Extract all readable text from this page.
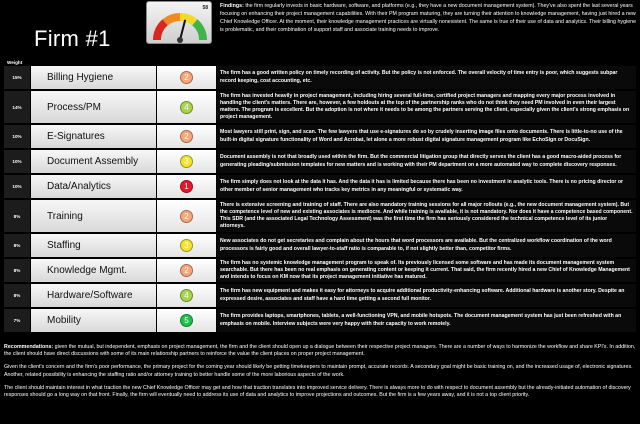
Firm #1
58 Findings: the firm regularly invests in basic hardware, software, and platforms (e.g., they have a new document management system). They've also spent the last several years focusing on enhancing their project management capabilities. With their PM program maturing, they are turning their attention to knowledge management, having just hired a new Chief Knowledge Officer. At the moment, their knowledge management practices are virtually nonexistent. The same is true of their use of data and analytics. Their billing hygiene is problematic, and their combination of support staff and associate training needs to improve.
Weight
15%	Billing Hygiene	2	The firm has a good written policy on timely recording of activity. But the policy is not enforced. The overall velocity of time entry is poor, which suggests subpar record keeping, cost accounting, etc.
14%	Process/PM	4
The firm has invested heavily in project management, including hiring several full-time, certified project managers and mapping every major process involved in handling the client's matters. There are, however, a few holdouts at the top of the partnership ranks who do not think they need PM involved in even their largest matters. The program is excellent. But the adoption is not where it needs to be among the partners serving the client, especially given the client's strong emphasis on project management.
10%	E-Signatures	2	Most lawyers still print, sign, and scan. The few lawyers that use e-signatures do so by crudely inserting image files onto documents. There is little-to-no use of the built-in digital signature functionality of Word and Acrobat, let alone a more robust digital signature management program like EchoSign or DocuSign.
10%	Document Assembly	3	Document assembly is not that broadly used within the firm. But the commercial litigation group that directly serves the client has a good macro-aided process for generating pleading/submission templates for new matters and is working with their PM department on a more automated way to complete discovery responses.
10%	Data/Analytics	1	The firm simply does not look at the data it has. And the data it has is limited because there has been no investment in analytic tools. There is no pricing director or other member of senior management who tracks key metrics in any meaningful or systematic way.
8%	Training	2
There is extensive screening and training of staff. There are also mandatory training sessions for all major rollouts (e.g., the new document management system). But the competence level of new and existing associates is mediocre. And while training is available, it is not mandatory. Nor does it have a competence based component. This SDR (and the associated Legal Technology Assessment) was the first time the firm has seriously considered the technical competence level of its junior attorneys.
8%	Staffing	3	New associates do not get secretaries and complain about the hours that word processors are available. But the centralized workflow coordination of the word processors is fairly good and overall lawyer-to-staff ratio is comparable to, if not slightly better than, competitor firms.
8%	Knowledge Mgmt.	2
The firm has no systemic knowledge management program to speak of. Its previously licensed some software and has made its document management system searchable. But there has been no real emphasis on generating content or keeping it current. That said, the firm recently hired a new Chief of Knowledge Management and intends to focus on KM now that its project management initiative has matured.
8%	Hardware/Software	4	The firm has new equipment and makes it easy for attorneys to acquire additional productivity-enhancing software. Additional hardware is another story. Despite an expressed desire, associates and staff have a hard time getting a second full monitor.
7%	Mobility	5	The firm provides laptops, smartphones, tablets, a well-functioning VPN, and mobile hotspots. The document management system has just been refreshed with an emphasis on mobile. Interview subjects were very happy with their capacity to work remotely.

Recommendations: given the mutual, but independent, emphasis on project management, the firm and the client should open up a dialogue between their respective project managers. There are a number of ways to harmonize the workflow and share KPI's. In addition, the client should have direct discussions with some of its main relationship partners to reinforce the value the client places on proper project management.

Given the client's concern and the firm's poor performance, the primary project for the coming year should likely be getting timekeepers to maintain prompt, accurate records. A secondary goal might be basic training on, and the increased usage of, electronic signatures. Another, related possibility is enhancing the staffing ratio and/or attorney training to better handle some of the more laborious aspects of the work.

The client should maintain interest in what traction the new Chief Knowledge Officer may get and how that traction translates into improved service delivery. There is always more to do with respect to document assembly but the already-initiated automation of discovery responses should go a long way on that front. Finally, the firm will eventually need to address its use of data and analytics to improve projections and outcomes. But the firm is a few years away, and it is not a top client priority.
